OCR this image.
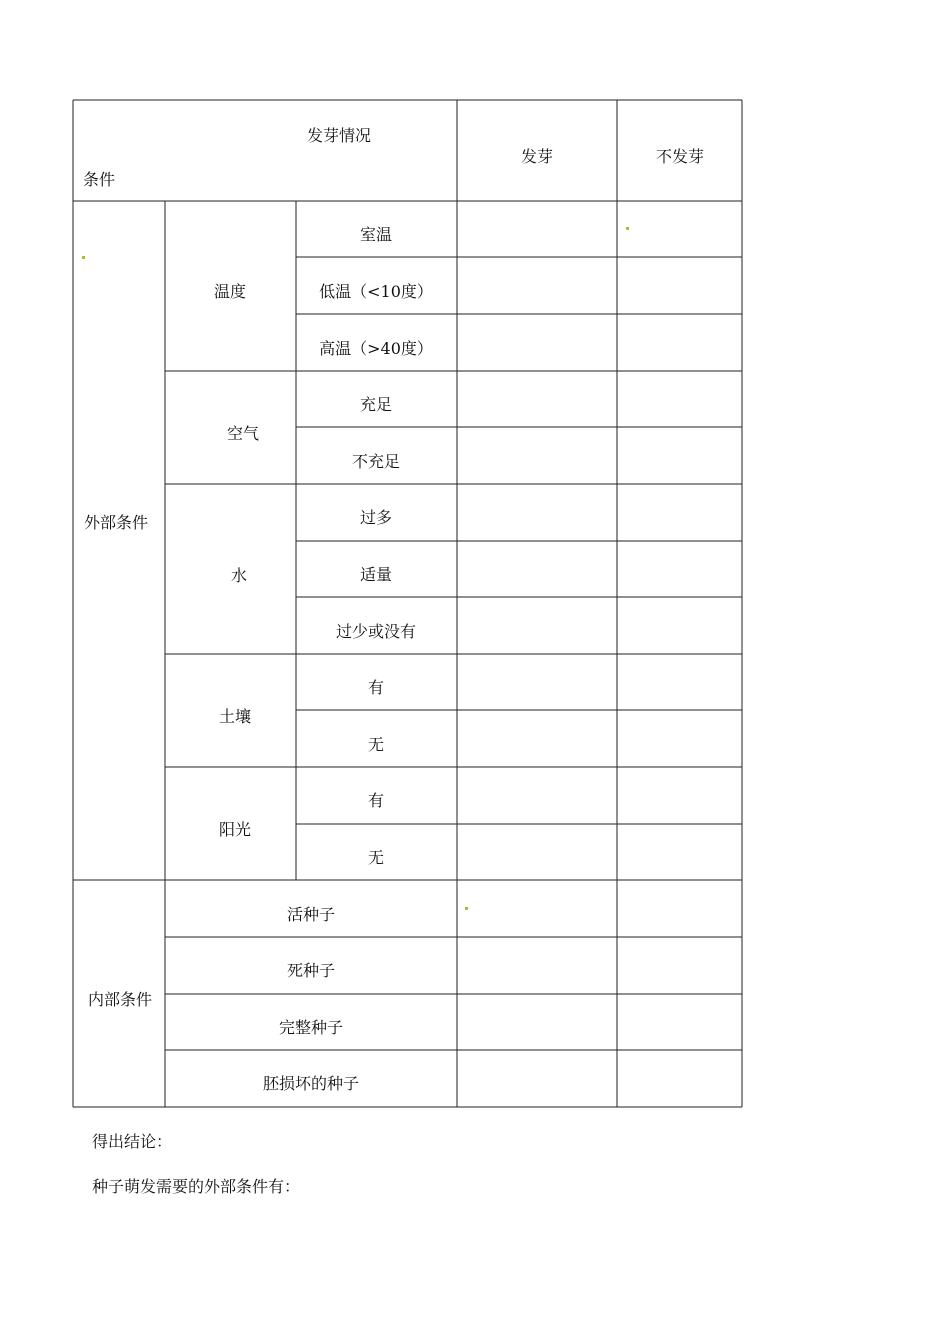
发芽情况
条件
发芽	不发芽
外部条件
内部条件
温度
空气
水
土壤
阳光
室温
低温（<10度）
高温（>40度）
充足
不充足
过多
适量
过少或没有
有
无
有
无
活种子
死种子
完整种子
胚损坏的种子
得出结论：
种子萌发需要的外部条件有：
